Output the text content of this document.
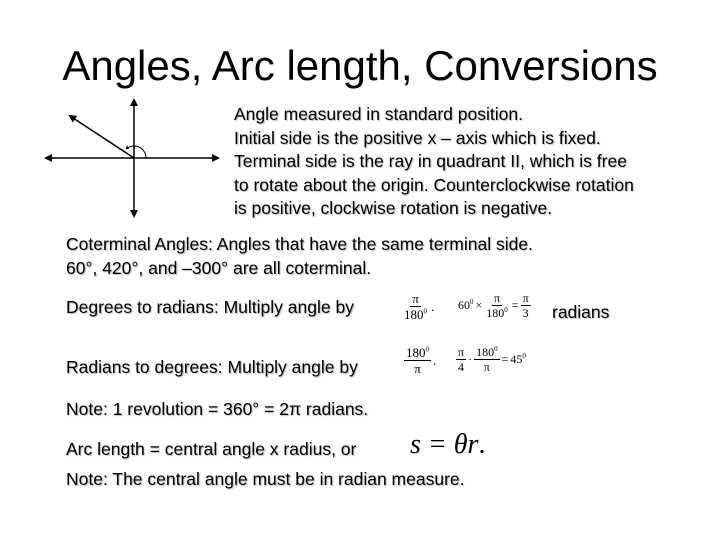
Angles, Arc length, Conversions
Angle measured in standard position.
Initial side is the positive x – axis which is fixed.
Terminal side is the ray in quadrant II, which is free
to rotate about the origin. Counterclockwise rotation
is positive, clockwise rotation is negative.
Coterminal Angles: Angles that have the same terminal side.
60°, 420°, and –300° are all coterminal.
Degrees to radians: Multiply angle by	$\frac{\pi}{180^0}$ . $60^0 \times \frac{\pi}{180^0} = \frac{\pi}{3}$ radians
Radians to degrees: Multiply angle by	$\frac{180^0}{\pi}$ . $\frac{\pi}{4} \cdot \frac{180^0}{\pi} = 45^0$
Note: 1 revolution = 360° = 2π radians.
Arc length = central angle x radius, or s = θr.
Note: The central angle must be in radian measure.
